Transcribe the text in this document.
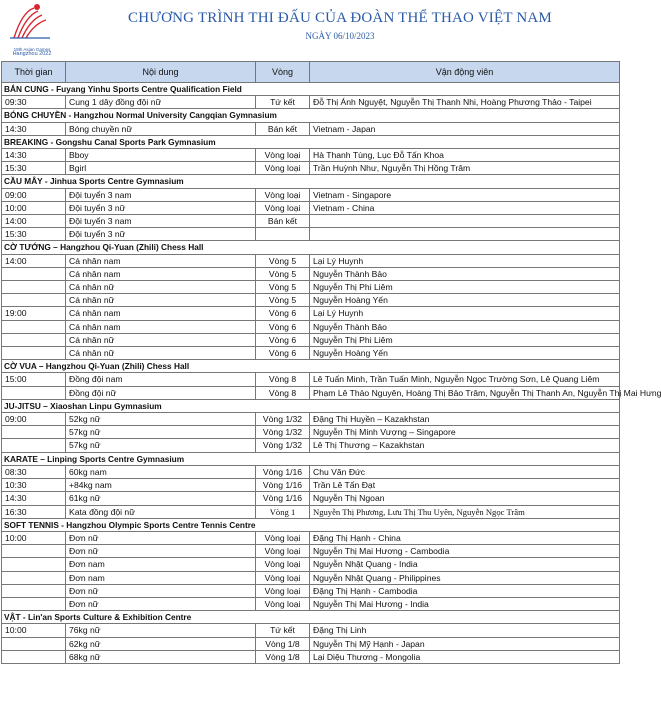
19th Asian Games
Hangzhou 2022
CHƯƠNG TRÌNH THI ĐẤU CỦA ĐOÀN THỂ THAO VIỆT NAM
NGÀY 06/10/2023
Thời gian	Nội dung	Vòng	Vận động viên
BẮN CUNG - Fuyang Yinhu Sports Centre Qualification Field			
09:30	Cung 1 dây đồng đội nữ	Tứ kết	Đỗ Thị Ánh Nguyệt, Nguyễn Thị Thanh Nhi, Hoàng Phương Thảo - Taipei
BÓNG CHUYỀN - Hangzhou Normal University Cangqian Gymnasium			
14:30	Bóng chuyền nữ	Bán kết	Vietnam - Japan
BREAKING - Gongshu Canal Sports Park Gymnasium			
14:30	Bboy	Vòng loại	Hà Thanh Tùng, Lục Đỗ Tấn Khoa
15:30	Bgirl	Vòng loại	Trần Huỳnh Như, Nguyễn Thị Hồng Trâm
CẦU MÂY - Jinhua Sports Centre Gymnasium			
09:00	Đội tuyển 3 nam	Vòng loại	Vietnam - Singapore
10:00	Đội tuyển 3 nữ	Vòng loại	Vietnam - China
14:00	Đội tuyển 3 nam	Bán kết	
15:30	Đội tuyển 3 nữ		
CỜ TƯỚNG – Hangzhou Qi-Yuan (Zhili) Chess Hall			
14:00	Cá nhân nam	Vòng 5	Lại Lý Huynh
	Cá nhân nam	Vòng 5	Nguyễn Thành Bảo
	Cá nhân nữ	Vòng 5	Nguyễn Thị Phi Liêm
	Cá nhân nữ	Vòng 5	Nguyễn Hoàng Yến
19:00	Cá nhân nam	Vòng 6	Lại Lý Huynh
	Cá nhân nam	Vòng 6	Nguyễn Thành Bảo
	Cá nhân nữ	Vòng 6	Nguyễn Thị Phi Liêm
	Cá nhân nữ	Vòng 6	Nguyễn Hoàng Yến
CỜ VUA – Hangzhou Qi-Yuan (Zhili) Chess Hall			
15:00	Đồng đội nam	Vòng 8	Lê Tuấn Minh, Trần Tuấn Minh, Nguyễn Ngọc Trường Sơn, Lê Quang Liêm
	Đồng đội nữ	Vòng 8	Phạm Lê Thảo Nguyên, Hoàng Thị Bảo Trâm, Nguyễn Thị Thanh An, Nguyễn Thị Mai Hưng
JU-JITSU – Xiaoshan Linpu Gymnasium			
09:00	52kg nữ	Vòng 1/32	Đặng Thị Huyền – Kazakhstan
	57kg nữ	Vòng 1/32	Nguyễn Thị Minh Vượng – Singapore
	57kg nữ	Vòng 1/32	Lê Thị Thương – Kazakhstan
KARATE – Linping Sports Centre Gymnasium			
08:30	60kg nam	Vòng 1/16	Chu Văn Đức
10:30	+84kg nam	Vòng 1/16	Trần Lê Tấn Đạt
14:30	61kg nữ	Vòng 1/16	Nguyễn Thị Ngoan
16:30	Kata đồng đội nữ	Vòng 1	Nguyễn Thị Phương, Lưu Thị Thu Uyên, Nguyễn Ngọc Trâm
SOFT TENNIS - Hangzhou Olympic Sports Centre Tennis Centre			
10:00	Đơn nữ	Vòng loại	Đặng Thị Hạnh - China
	Đơn nữ	Vòng loại	Nguyễn Thị Mai Hương - Cambodia
	Đơn nam	Vòng loại	Nguyễn Nhật Quang - India
	Đơn nam	Vòng loại	Nguyễn Nhật Quang - Philippines
	Đơn nữ	Vòng loại	Đặng Thị Hạnh - Cambodia
	Đơn nữ	Vòng loại	Nguyễn Thị Mai Hương - India
VẬT - Lin'an Sports Culture & Exhibition Centre			
10:00	76kg nữ	Tứ kết	Đặng Thị Linh
	62kg nữ	Vòng 1/8	Nguyễn Thị Mỹ Hạnh - Japan
	68kg nữ	Vòng 1/8	Lại Diệu Thương - Mongolia
